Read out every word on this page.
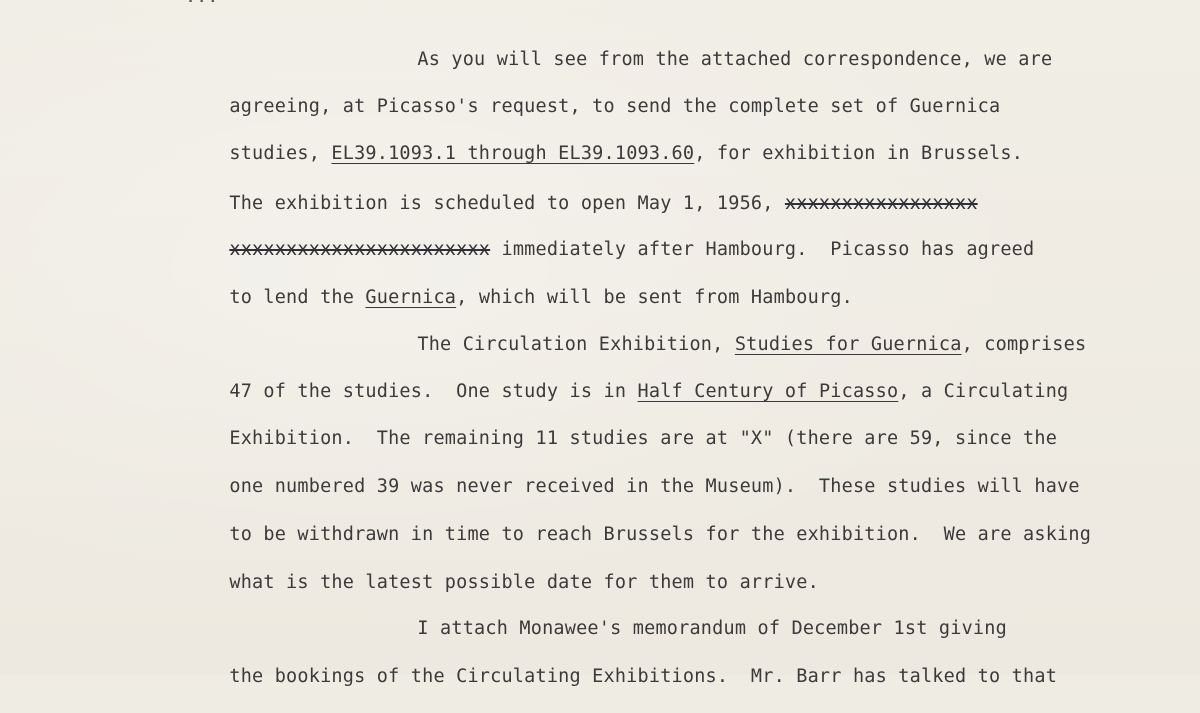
As you will see from the attached correspondence, we are

agreeing, at Picasso's request, to send the complete set of Guernica

studies, EL39.1093.1 through EL39.1093.60, for exhibition in Brussels.

The exhibition is scheduled to open May 1, 1956, xxxxxxxxxxxxxxxxx

xxxxxxxxxxxxxxxxxxxxxxx immediately after Hambourg.  Picasso has agreed

to lend the Guernica, which will be sent from Hambourg.

The Circulation Exhibition, Studies for Guernica, comprises

47 of the studies.  One study is in Half Century of Picasso, a Circulating

Exhibition.  The remaining 11 studies are at "X" (there are 59, since the

one numbered 39 was never received in the Museum).  These studies will have

to be withdrawn in time to reach Brussels for the exhibition.  We are asking

what is the latest possible date for them to arrive.

I attach Monawee's memorandum of December 1st giving

the bookings of the Circulating Exhibitions.  Mr. Barr has talked to that
